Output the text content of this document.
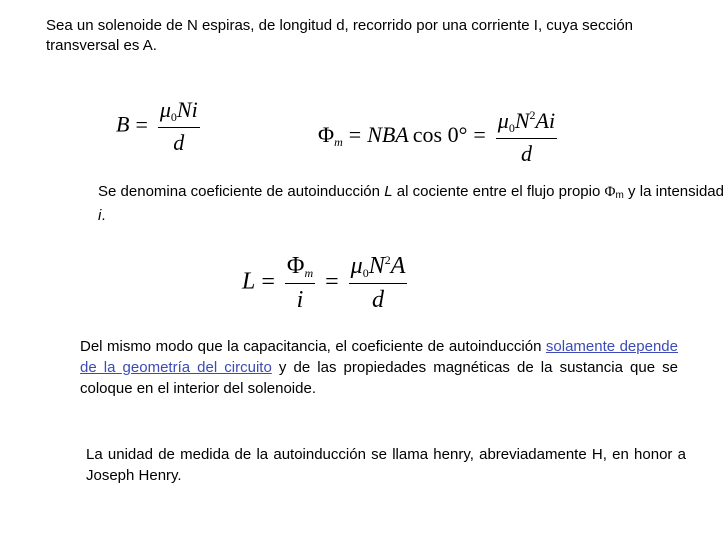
Sea un solenoide de N espiras, de longitud d, recorrido por una corriente I, cuya sección transversal es A.

$B = \frac{\mu_0Ni}{d}$	$\Phi_m$ = NBA $\cos 0^\circ = \frac{\mu_0N^2Ai}{d}$

Se denomina coeficiente de autoinducción L al cociente entre el flujo propio Φm y la intensidad i.

$L = \frac{\Phi_m}{i} = \frac{\mu_0N^2A}{d}$

Del mismo modo que la capacitancia, el coeficiente de autoinducción solamente depende de la geometría del circuito y de las propiedades magnéticas de la sustancia que se coloque en el interior del solenoide.

La unidad de medida de la autoinducción se llama henry, abreviadamente H, en honor a Joseph Henry.
